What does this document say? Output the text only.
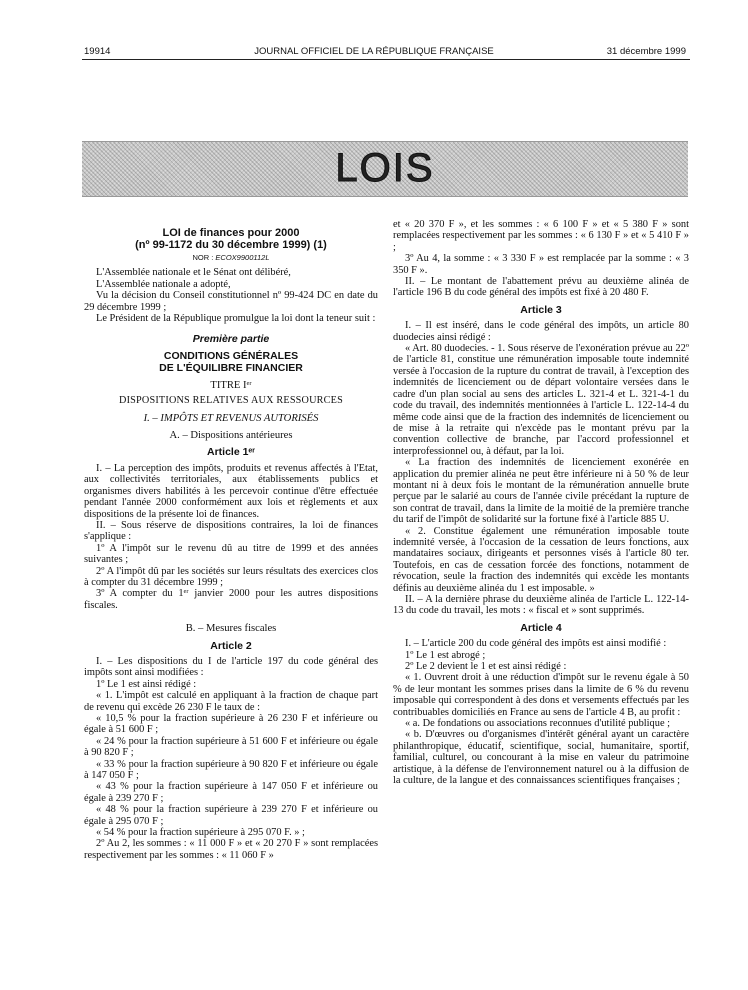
19914	JOURNAL OFFICIEL DE LA RÉPUBLIQUE FRANÇAISE	31 décembre 1999
LOIS
LOI de finances pour 2000
(nº 99-1172 du 30 décembre 1999) (1)
NOR : ECOX9900112L

L'Assemblée nationale et le Sénat ont délibéré,

L'Assemblée nationale a adopté,

Vu la décision du Conseil constitutionnel nº 99-424 DC en date du 29 décembre 1999 ;

Le Président de la République promulgue la loi dont la teneur suit :

Première partie
CONDITIONS GÉNÉRALES
DE L'ÉQUILIBRE FINANCIER
TITRE Iᵉʳ
DISPOSITIONS RELATIVES AUX RESSOURCES
I. – IMPÔTS ET REVENUS AUTORISÉS
A. – Dispositions antérieures
Article 1ᵉʳ

I. – La perception des impôts, produits et revenus affectés à l'Etat, aux collectivités territoriales, aux établissements publics et organismes divers habilités à les percevoir continue d'être effectuée pendant l'année 2000 conformément aux lois et règlements et aux dispositions de la présente loi de finances.

II. – Sous réserve de dispositions contraires, la loi de finances s'applique :

1º A l'impôt sur le revenu dû au titre de 1999 et des années suivantes ;

2º A l'impôt dû par les sociétés sur leurs résultats des exercices clos à compter du 31 décembre 1999 ;

3º A compter du 1ᵉʳ janvier 2000 pour les autres dispositions fiscales.

B. – Mesures fiscales
Article 2

I. – Les dispositions du I de l'article 197 du code général des impôts sont ainsi modifiées :

1º Le 1 est ainsi rédigé :

« 1. L'impôt est calculé en appliquant à la fraction de chaque part de revenu qui excède 26 230 F le taux de :

« 10,5 % pour la fraction supérieure à 26 230 F et inférieure ou égale à 51 600 F ;

« 24 % pour la fraction supérieure à 51 600 F et inférieure ou égale à 90 820 F ;

« 33 % pour la fraction supérieure à 90 820 F et inférieure ou égale à 147 050 F ;

« 43 % pour la fraction supérieure à 147 050 F et inférieure ou égale à 239 270 F ;

« 48 % pour la fraction supérieure à 239 270 F et inférieure ou égale à 295 070 F ;

« 54 % pour la fraction supérieure à 295 070 F. » ;

2º Au 2, les sommes : « 11 000 F » et « 20 270 F » sont remplacées respectivement par les sommes : « 11 060 F »

et « 20 370 F », et les sommes : « 6 100 F » et « 5 380 F » sont remplacées respectivement par les sommes : « 6 130 F » et « 5 410 F » ;

3º Au 4, la somme : « 3 330 F » est remplacée par la somme : « 3 350 F ».

II. – Le montant de l'abattement prévu au deuxième alinéa de l'article 196 B du code général des impôts est fixé à 20 480 F.

Article 3

I. – Il est inséré, dans le code général des impôts, un article 80 duodecies ainsi rédigé :

« Art. 80 duodecies. - 1. Sous réserve de l'exonération prévue au 22º de l'article 81, constitue une rémunération imposable toute indemnité versée à l'occasion de la rupture du contrat de travail, à l'exception des indemnités de licenciement ou de départ volontaire versées dans le cadre d'un plan social au sens des articles L. 321-4 et L. 321-4-1 du code du travail, des indemnités mentionnées à l'article L. 122-14-4 du même code ainsi que de la fraction des indemnités de licenciement ou de mise à la retraite qui n'excède pas le montant prévu par la convention collective de branche, par l'accord professionnel et interprofessionnel ou, à défaut, par la loi.

« La fraction des indemnités de licenciement exonérée en application du premier alinéa ne peut être inférieure ni à 50 % de leur montant ni à deux fois le montant de la rémunération annuelle brute perçue par le salarié au cours de l'année civile précédant la rupture de son contrat de travail, dans la limite de la moitié de la première tranche du tarif de l'impôt de solidarité sur la fortune fixé à l'article 885 U.

« 2. Constitue également une rémunération imposable toute indemnité versée, à l'occasion de la cessation de leurs fonctions, aux mandataires sociaux, dirigeants et personnes visés à l'article 80 ter. Toutefois, en cas de cessation forcée des fonctions, notamment de révocation, seule la fraction des indemnités qui excède les montants définis au deuxième alinéa du 1 est imposable. »

II. – A la dernière phrase du deuxième alinéa de l'article L. 122-14-13 du code du travail, les mots : « fiscal et » sont supprimés.

Article 4

I. – L'article 200 du code général des impôts est ainsi modifié :

1º Le 1 est abrogé ;

2º Le 2 devient le 1 et est ainsi rédigé :

« 1. Ouvrent droit à une réduction d'impôt sur le revenu égale à 50 % de leur montant les sommes prises dans la limite de 6 % du revenu imposable qui correspondent à des dons et versements effectués par les contribuables domiciliés en France au sens de l'article 4 B, au profit :

« a. De fondations ou associations reconnues d'utilité publique ;

« b. D'œuvres ou d'organismes d'intérêt général ayant un caractère philanthropique, éducatif, scientifique, social, humanitaire, sportif, familial, culturel, ou concourant à la mise en valeur du patrimoine artistique, à la défense de l'environnement naturel ou à la diffusion de la culture, de la langue et des connaissances scientifiques françaises ;
